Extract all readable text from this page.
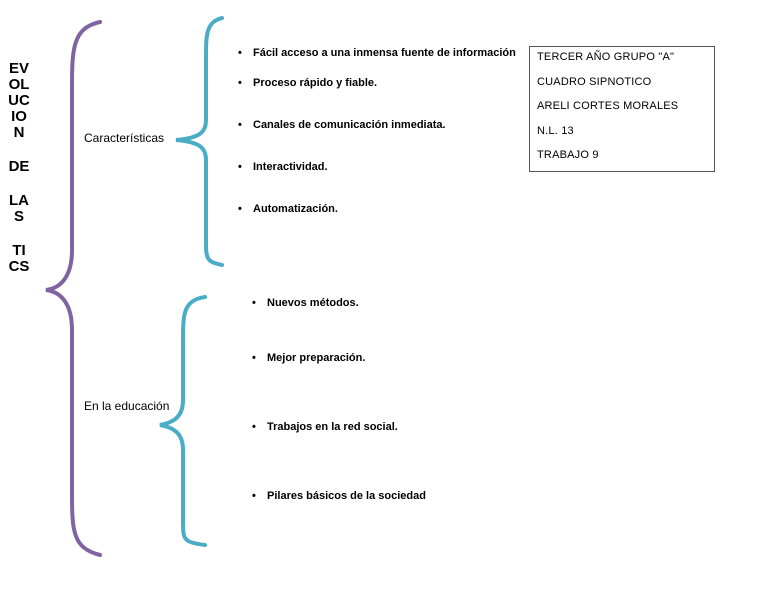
EV
OL
UC
IO
N
DE
LA
S
TI
CS
Características
En la educación
• Fácil acceso a una inmensa fuente de información
• Proceso rápido y fiable.
• Canales de comunicación inmediata.
• Interactividad.
• Automatización.
• Nuevos métodos.
• Mejor preparación.
• Trabajos en la red social.
• Pilares básicos de la sociedad
TERCER AÑO GRUPO "A"
CUADRO SIPNOTICO
ARELI CORTES MORALES
N.L. 13
TRABAJO 9
